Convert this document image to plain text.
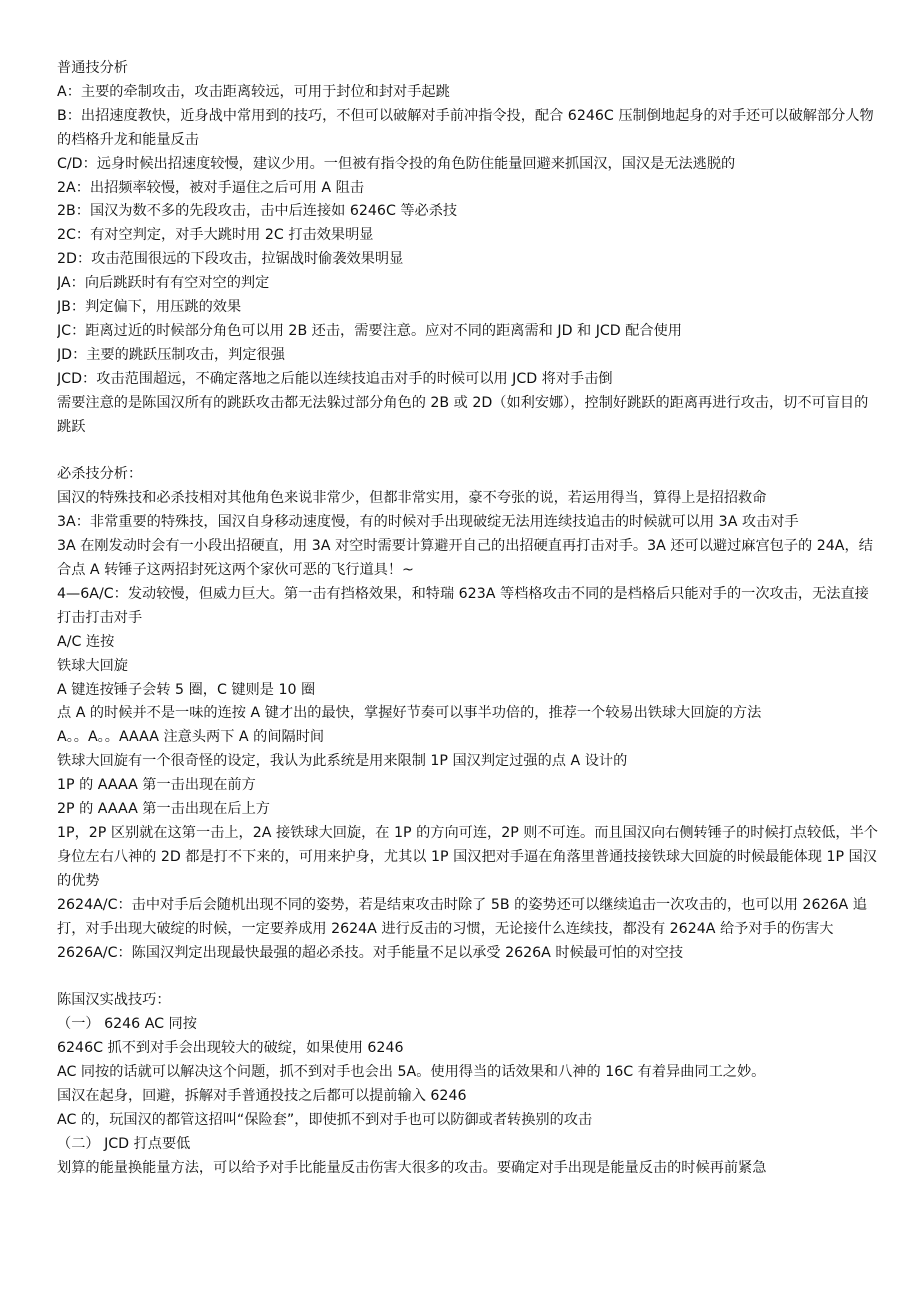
普通技分析
A：主要的牵制攻击，攻击距离较远，可用于封位和封对手起跳
B：出招速度教快，近身战中常用到的技巧，不但可以破解对手前冲指令投，配合 6246C 压制倒地起身的对手还可以破解部分人物的档格升龙和能量反击
C/D：远身时候出招速度较慢，建议少用。一但被有指令投的角色防住能量回避来抓国汉，国汉是无法逃脱的
2A：出招频率较慢，被对手逼住之后可用 A 阻击
2B：国汉为数不多的先段攻击，击中后连接如 6246C 等必杀技
2C：有对空判定，对手大跳时用 2C 打击效果明显
2D：攻击范围很远的下段攻击，拉锯战时偷袭效果明显
JA：向后跳跃时有有空对空的判定
JB：判定偏下，用压跳的效果
JC：距离过近的时候部分角色可以用 2B 还击，需要注意。应对不同的距离需和 JD 和 JCD 配合使用
JD：主要的跳跃压制攻击，判定很强
JCD：攻击范围超远，不确定落地之后能以连续技追击对手的时候可以用 JCD 将对手击倒
需要注意的是陈国汉所有的跳跃攻击都无法躲过部分角色的 2B 或 2D（如利安娜），控制好跳跃的距离再进行攻击，切不可盲目的跳跃
必杀技分析：
国汉的特殊技和必杀技相对其他角色来说非常少，但都非常实用，豪不夸张的说，若运用得当，算得上是招招救命
3A：非常重要的特殊技，国汉自身移动速度慢，有的时候对手出现破绽无法用连续技追击的时候就可以用 3A 攻击对手
3A 在刚发动时会有一小段出招硬直，用 3A 对空时需要计算避开自己的出招硬直再打击对手。3A 还可以避过麻宫包子的 24A，结合点 A 转锤子这两招封死这两个家伙可恶的飞行道具！~
4—6A/C：发动较慢，但威力巨大。第一击有挡格效果，和特瑞 623A 等档格攻击不同的是档格后只能对手的一次攻击，无法直接打击打击对手
A/C 连按
铁球大回旋
A 键连按锤子会转 5 圈，C 键则是 10 圈
点 A 的时候并不是一味的连按 A 键才出的最快，掌握好节奏可以事半功倍的，推荐一个较易出铁球大回旋的方法
A。。A。。AAAA 注意头两下 A 的间隔时间
铁球大回旋有一个很奇怪的设定，我认为此系统是用来限制 1P 国汉判定过强的点 A 设计的
1P 的 AAAA 第一击出现在前方
2P 的 AAAA 第一击出现在后上方
1P，2P 区别就在这第一击上，2A 接铁球大回旋，在 1P 的方向可连，2P 则不可连。而且国汉向右侧转锤子的时候打点较低，半个身位左右八神的 2D 都是打不下来的，可用来护身，尤其以 1P 国汉把对手逼在角落里普通技接铁球大回旋的时候最能体现 1P 国汉的优势
2624A/C：击中对手后会随机出现不同的姿势，若是结束攻击时除了 5B 的姿势还可以继续追击一次攻击的，也可以用 2626A 追打，对手出现大破绽的时候，一定要养成用 2624A 进行反击的习惯，无论接什么连续技，都没有 2624A 给予对手的伤害大
2626A/C：陈国汉判定出现最快最强的超必杀技。对手能量不足以承受 2626A 时候最可怕的对空技
陈国汉实战技巧：
（一） 6246 AC 同按
6246C 抓不到对手会出现较大的破绽，如果使用 6246
AC 同按的话就可以解决这个问题，抓不到对手也会出 5A。使用得当的话效果和八神的 16C 有着异曲同工之妙。
国汉在起身，回避，拆解对手普通投技之后都可以提前输入 6246
AC 的，玩国汉的都管这招叫“保险套”，即使抓不到对手也可以防御或者转换别的攻击
（二） JCD 打点要低
划算的能量换能量方法，可以给予对手比能量反击伤害大很多的攻击。要确定对手出现是能量反击的时候再前紧急
